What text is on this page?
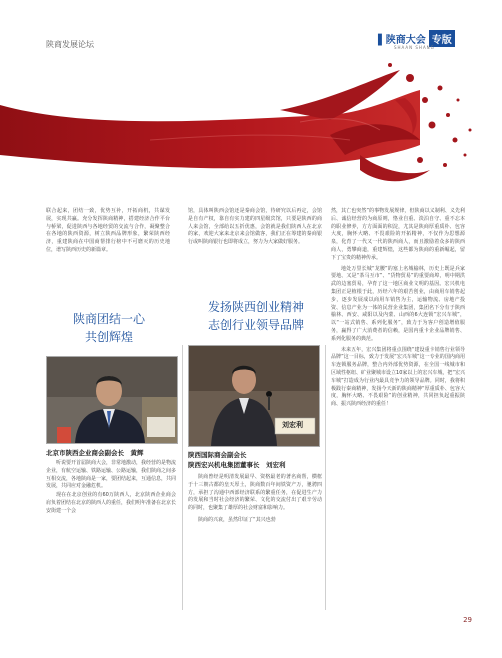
陕商发展论坛	▌陕商大会 专版
SHAAN SHANG

联合起来，团结一致，优势互补，开拓商机，共谋发展，实现共赢。充分发挥陕商精神，搭建经济合作平台与桥梁，促进陕西与各地经贸的交流与合作，凝聚整合在各地的陕西资源，树立陕西品牌形象，繁荣陕西经济，重建陕商在中国商帮排行榜中不可磨灭的历史地位，谱写陕西历史的新篇章。

陕商团结一心
共创辉煌
北京市陕西企业商会副会长　黄辉

听说要开首届陕商大会，非常地激动，我经营的是物流企业，有航空运输、铁路运输、公路运输，我们陕商之间多互相交流，各地陕商是一家，要团结起来，互通信息，共同发展，共同应对金融危机。

现在在北京创业的有60万陕西人，北京陕西企业商会肩负着团结在北京的陕西人的重任，我们明年准备在北京长安街建一个会

馆，具体叫陕西会馆还是秦商会馆，待研究以后再定，会馆是自有产权，靠自有实力建的四星级宾馆，只要是陕西的商人来会馆，全部给以五折优惠，会馆就是我们陕西人在北京的家，欢迎大家来北京来会馆做客，我们正在筹建的秦商银行或叫陕商银行也即将成立，努力为大家做好服务。

发扬陕西创业精神
志创行业领导品牌
刘宏利
陕西国际商会副会长
陕西宏兴机电集团董事长　刘宏利

陕商曾经是明清发展最早、资格最老的著名商帮，横框于十三朝古都的皇天厚土，陕商数百年间铁资产万，驰骋四方，承担了沟通中西部经济联系的繁重任务，在促进生产力的发展和当时社会经济的繁荣、文化的交流付出了艰辛劳动的同时，也聚集了雄厚的社会财富和影响力。

陕商的兴衰，虽然印证了“其兴也勃

然，其亡也突然”的事物发展规律，但陕商以义制利、义先利后、诚信经营的为商原则，恪业自重、淡泊自守、重不忘本的职业修养，方方面面的积淀，尤其是陕商厚重质朴、包容大度，胸怀大略、不畏艰险的开拓精神，不仅作为思想源泉，化育了一代又一代的陕西商人，而且激励着众多的陕西商人，勇攀商道，重建辉煌，这些都为陕商的重新崛起，留下了宝贵的精神传承。

地处万里长城“龙腰”的塞上名城榆林，历史上既是兵家要地、又是“茶马互市”、“货物贸易”的重要商埠，明中期洪武的边塞贸易，孕育了这一地区商业文明的基因。宏兴机电集团正是植根于此，历经六年的艰苦创业，由商用车销售起步，逐步发展成以商用车销售为主，运输物流、房地产投资、信息产业为一体的民营企业集团，集团名下分有于陕西榆林、西安、咸阳以及内蒙、山西的6大连锁“宏兴车城”，以“一站式销售、系列化服务”，致力于为客户创造增值服务，赢得了广大消费者的信赖，是国内重卡企业品牌销售、系列化服务的典范。

未来五年，宏兴集团将重点围绕“建设重卡销售行业领导品牌”这一目标，致力于发展“宏兴车城”这一专业的国内商用车连锁服务品牌，整合内外部优势资源，在全国一线城市和区域性枢纽、矿业聚城市设立10家以上的宏兴车城，把“宏兴车城”打造成为行业内最具竞争力的领导品牌。同时，我将积极践行秦商精神，发扬今天新的陕商精神“厚重质朴、包容大度，胸怀大略、不畏艰险”的创业精神，共同担负起重振陕商、振兴陕西经济的重任！

29
